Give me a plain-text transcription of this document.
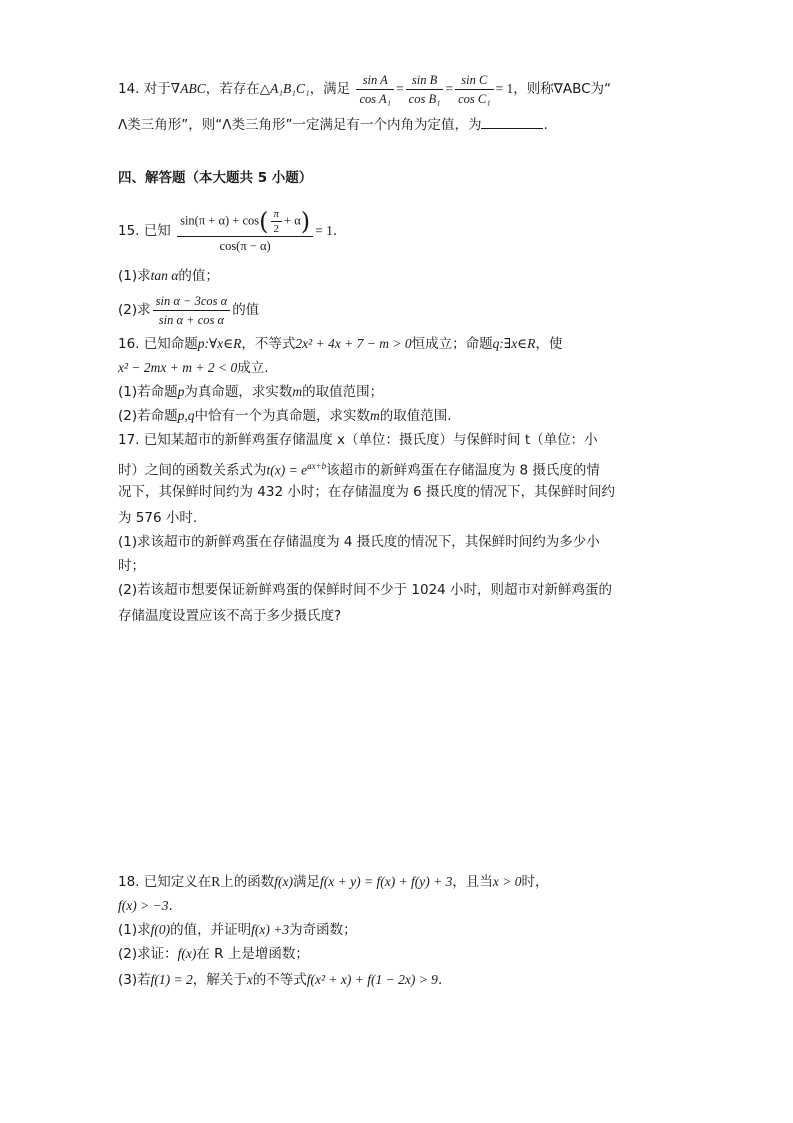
14. 对于∇ABC，若存在△A₁B₁C₁，满足 $\frac{\text{sin A}}{\text{cos A₁}} = \frac{\text{sin B}}{\text{cos B₁}} = \frac{\text{sin C}}{\text{cos C₁}} = 1$，则称∇ABC为“
Λ类三角形”，则“Λ类三角形”一定满足有一个内角为定值，为	.
四、解答题（本大题共 5 小题）
15. 已知 $\frac{\sin(\pi + \alpha) + \cos( \frac{\pi}{2} + \alpha)}{\cos(\pi - \alpha)} = 1$.
(1)求tan α的值；
(2)求 $\frac{\text{sin α − 3cos α}}{\text{sin α + cos α}}$ 的值
16. 已知命题p:∀x∈R，不等式2x² + 4x + 7 − m > 0恒成立；命题q:∃x∈R，使
x² − 2mx + m + 2 < 0成立.
(1)若命题p为真命题，求实数m的取值范围；
(2)若命题p,q中恰有一个为真命题，求实数m的取值范围.
17. 已知某超市的新鲜鸡蛋存储温度 x（单位：摄氏度）与保鲜时间 t（单位：小
时）之间的函数关系式为$t(x) = e^{ax+b}$该超市的新鲜鸡蛋在存储温度为 8 摄氏度的情
况下，其保鲜时间约为 432 小时；在存储温度为 6 摄氏度的情况下，其保鲜时间约
为 576 小时.
(1)求该超市的新鲜鸡蛋在存储温度为 4 摄氏度的情况下，其保鲜时间约为多少小
时；
(2)若该超市想要保证新鲜鸡蛋的保鲜时间不少于 1024 小时，则超市对新鲜鸡蛋的
存储温度设置应该不高于多少摄氏度?
18. 已知定义在R上的函数f(x)满足f(x + y) = f(x) + f(y) + 3，且当x > 0时，
f(x) > −3.
(1)求f(0)的值，并证明f(x) +3为奇函数；
(2)求证：f(x)在 R 上是增函数；
(3)若f(1) = 2，解关于x的不等式f(x² + x) + f(1 − 2x) > 9.
